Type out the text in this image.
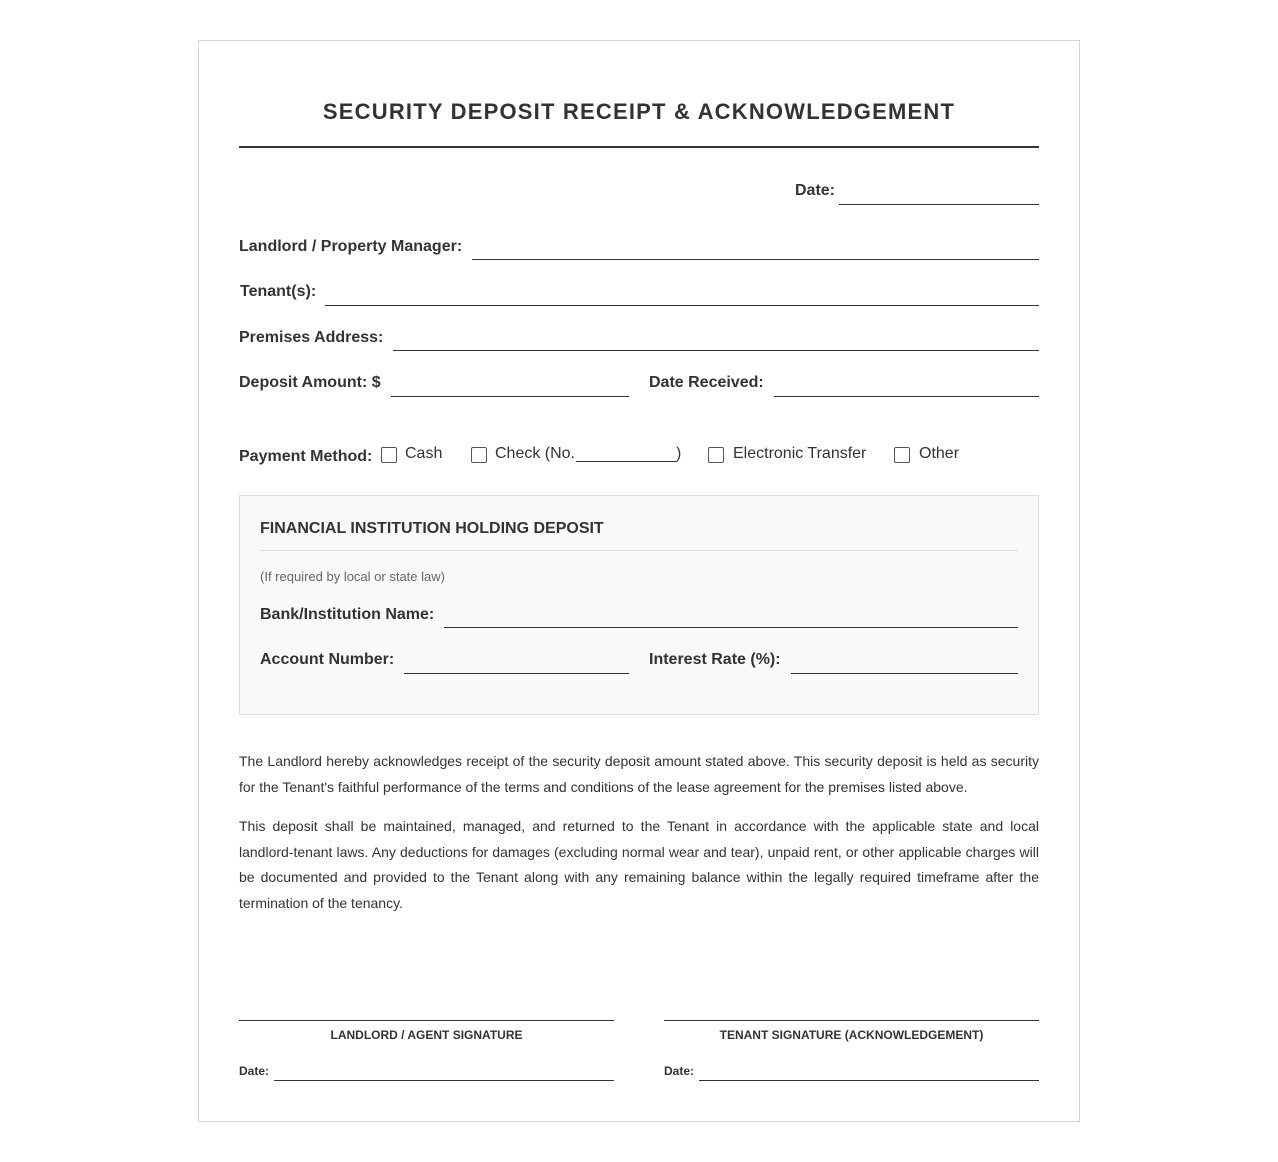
SECURITY DEPOSIT RECEIPT & ACKNOWLEDGEMENT
Date:
Landlord / Property Manager:
Tenant(s):
Premises Address:
Deposit Amount: $	Date Received:
Payment Method: Cash	Check (No.	)	Electronic Transfer	Other
FINANCIAL INSTITUTION HOLDING DEPOSIT
(If required by local or state law)
Bank/Institution Name:
Account Number:	Interest Rate (%):
The Landlord hereby acknowledges receipt of the security deposit amount stated above. This security deposit is held as security for the Tenant's faithful performance of the terms and conditions of the lease agreement for the premises listed above.
This deposit shall be maintained, managed, and returned to the Tenant in accordance with the applicable state and local landlord-tenant laws. Any deductions for damages (excluding normal wear and tear), unpaid rent, or other applicable charges will be documented and provided to the Tenant along with any remaining balance within the legally required timeframe after the termination of the tenancy.
LANDLORD / AGENT SIGNATURE
Date:
TENANT SIGNATURE (ACKNOWLEDGEMENT)
Date:
